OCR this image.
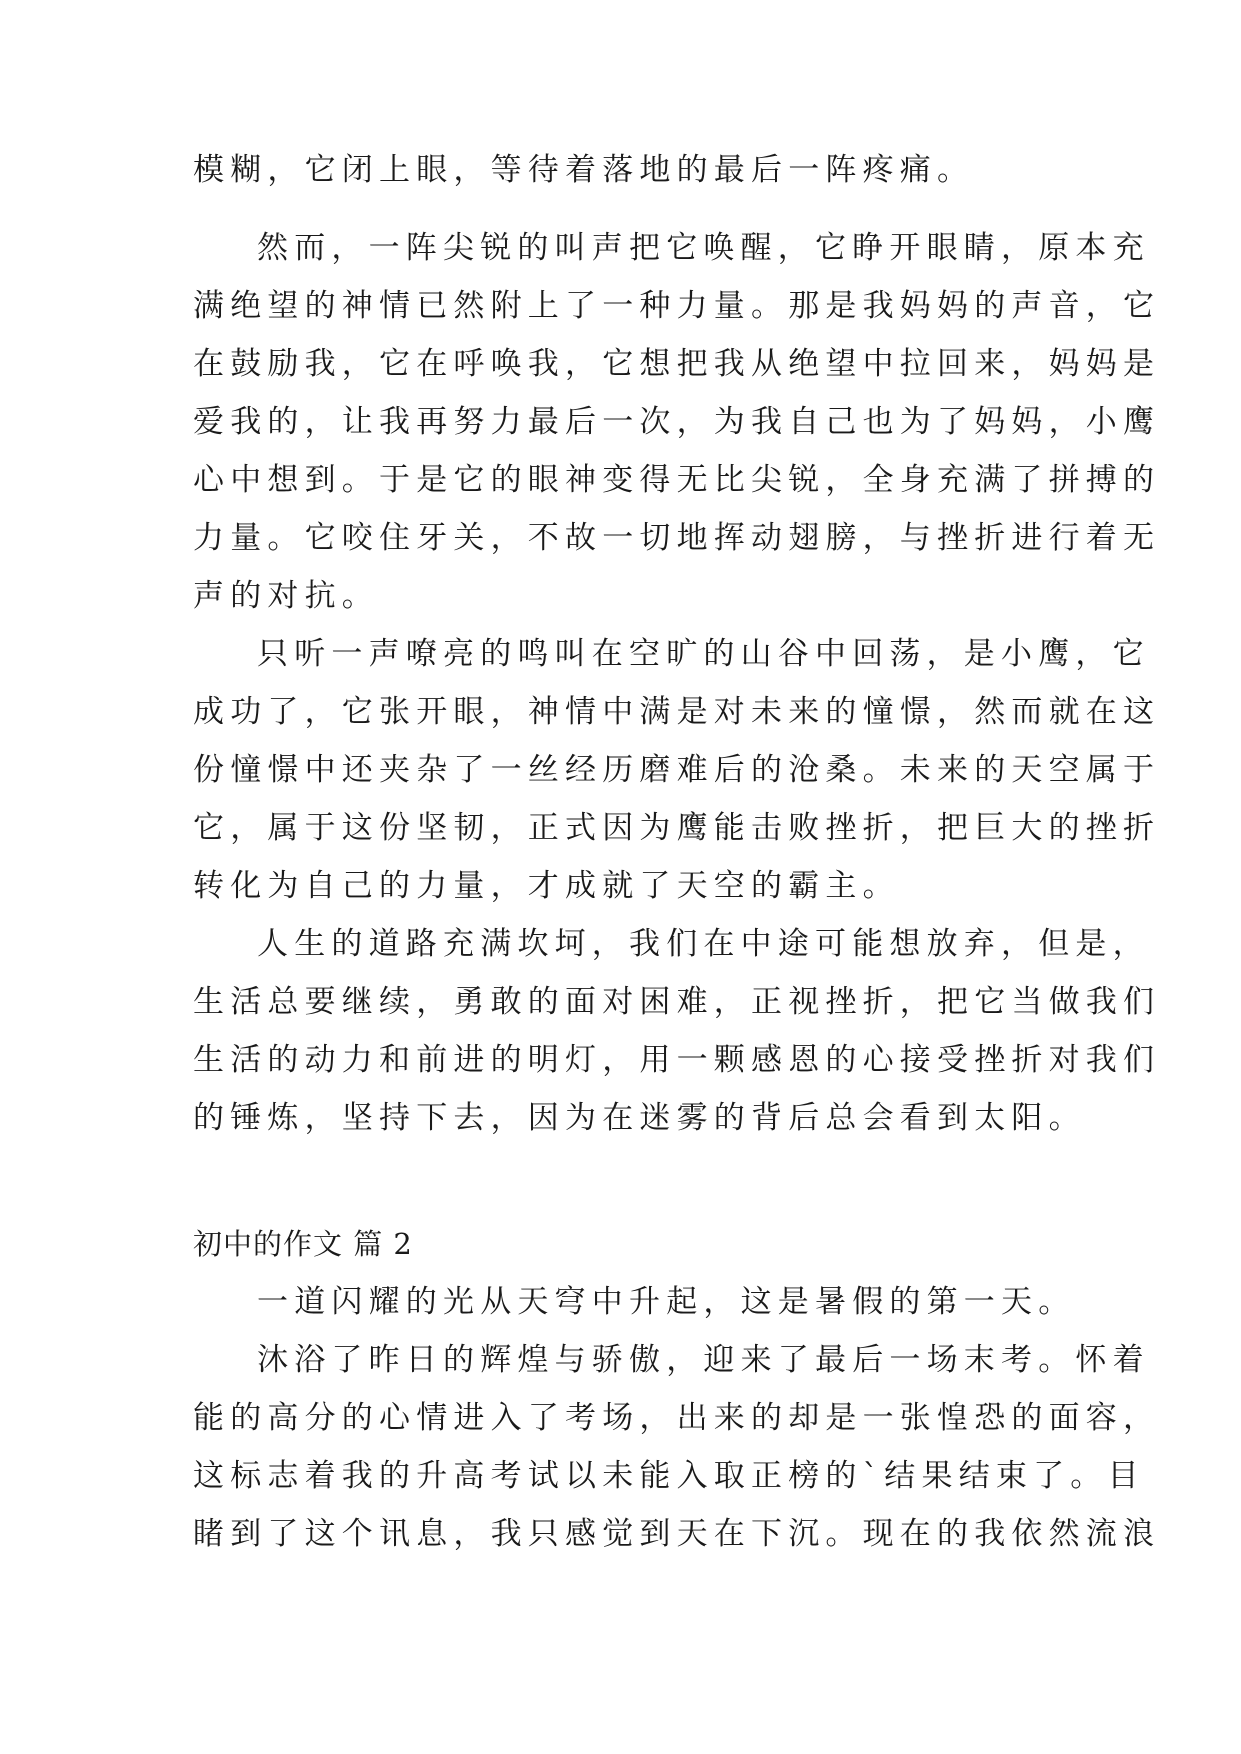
模糊，它闭上眼，等待着落地的最后一阵疼痛。
然而，一阵尖锐的叫声把它唤醒，它睁开眼睛，原本充
满绝望的神情已然附上了一种力量。那是我妈妈的声音，它
在鼓励我，它在呼唤我，它想把我从绝望中拉回来，妈妈是
爱我的，让我再努力最后一次，为我自己也为了妈妈，小鹰
心中想到。于是它的眼神变得无比尖锐，全身充满了拼搏的
力量。它咬住牙关，不故一切地挥动翅膀，与挫折进行着无
声的对抗。
只听一声嘹亮的鸣叫在空旷的山谷中回荡，是小鹰，它
成功了，它张开眼，神情中满是对未来的憧憬，然而就在这
份憧憬中还夹杂了一丝经历磨难后的沧桑。未来的天空属于
它，属于这份坚韧，正式因为鹰能击败挫折，把巨大的挫折
转化为自己的力量，才成就了天空的霸主。
人生的道路充满坎坷，我们在中途可能想放弃，但是，
生活总要继续，勇敢的面对困难，正视挫折，把它当做我们
生活的动力和前进的明灯，用一颗感恩的心接受挫折对我们
的锤炼，坚持下去，因为在迷雾的背后总会看到太阳。
初中的作文 篇 2
一道闪耀的光从天穹中升起，这是暑假的第一天。
沐浴了昨日的辉煌与骄傲，迎来了最后一场末考。怀着
能的高分的心情进入了考场，出来的却是一张惶恐的面容，
这标志着我的升高考试以未能入取正榜的`结果结束了。目
睹到了这个讯息，我只感觉到天在下沉。现在的我依然流浪
